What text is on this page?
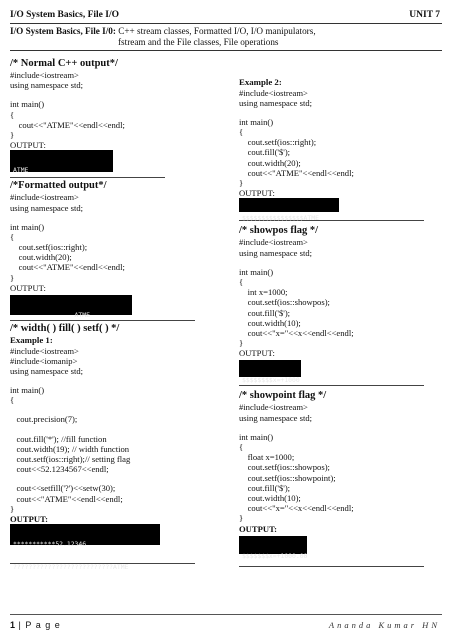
I/O System Basics, File I/O	UNIT 7
I/O System Basics, File I/0: C++ stream classes, Formatted I/O, I/O manipulators,
fstream and the File classes, File operations
/* Normal C++ output*/
#include<iostream>
using namespace std;
int main()
{
cout<<"ATME"<<endl<<endl;
}
OUTPUT:

ATME

/*Formatted output*/
#include<iostream>
using namespace std;
int main()
{
cout.setf(ios::right);
cout.width(20);
cout<<"ATME"<<endl<<endl;
}
OUTPUT:

ATME

/* width( ) fill( ) setf( ) */
Example 1:
#include<iostream>
#include<iomanip>
using namespace std;
int main()
{
cout.precision(7);
cout.fill('*'); //fill function
cout.width(19); // width function
cout.setf(ios::right);// setting flag
cout<<52.1234567<<endl;
cout<<setfill('?')<<setw(30);
cout<<"ATME"<<endl<<endl;
}
OUTPUT:

***********52.12346

??????????????????????????ATME

Example 2:
#include<iostream>
using namespace std;
int main()
{
cout.setf(ios::right);
cout.fill('$');
cout.width(20);
cout<<"ATME"<<endl<<endl;
}
OUTPUT:

$$$$$$$$$$$$$$$$ATME

/* showpos flag */
#include<iostream>
using namespace std;
int main()
{
int x=1000;
cout.setf(ios::showpos);
cout.fill('$');
cout.width(10);
cout<<"x="<<x<<endl<<endl;
}
OUTPUT:

$$$$$$$$x=+1000

/* showpoint flag */
#include<iostream>
using namespace std;
int main()
{
float x=1000;
cout.setf(ios::showpos);
cout.setf(ios::showpoint);
cout.fill('$');
cout.width(10);
cout<<"x="<<x<<endl<<endl;
}
OUTPUT:

$$$$$$$x=+1000.00

1 | P a g e	Ananda Kumar HN
